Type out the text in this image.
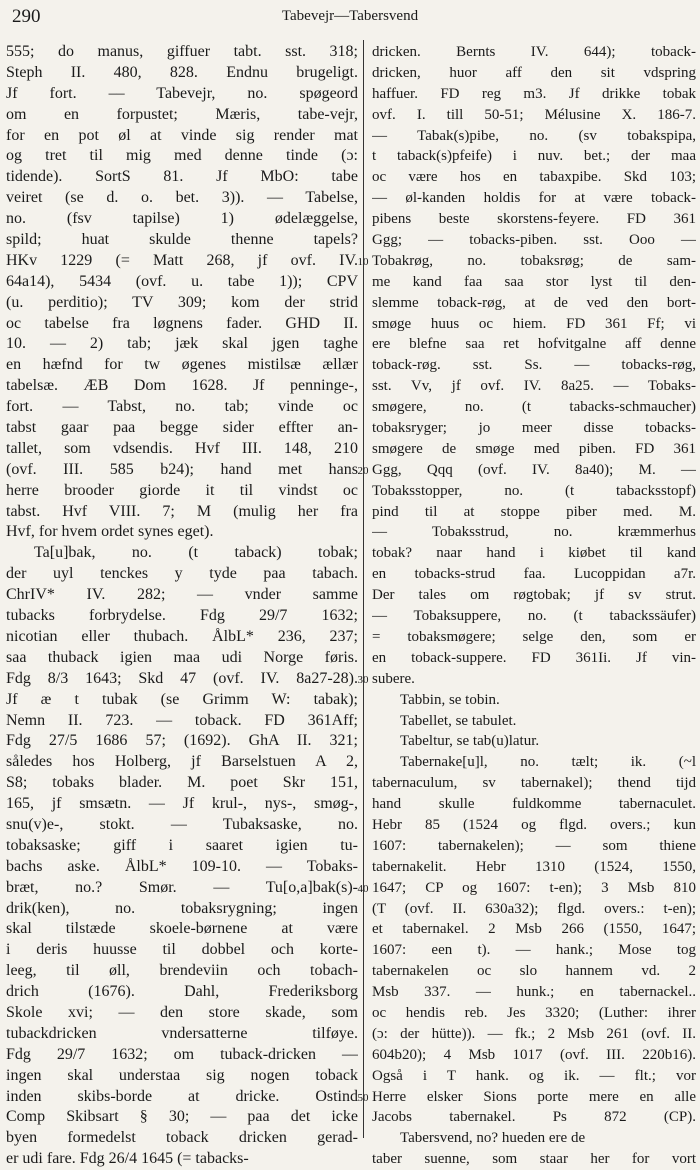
290	Tabevejr—Tabersvend
555; do manus, giffuer tabt. sst. 318;
Steph II. 480, 828. Endnu brugeligt.
Jf fort. –– Tabevejr, no. spøgeord
om en forpustet; Mæris, tabe-vejr,
for en pot øl at vinde sig render mat
og tret til mig med denne tinde (ɔ:
tidende). SortS 81. Jf MbO: tabe
veiret (se d. o. bet. 3)). — Tabelse,
no. (fsv tapilse) 1) ødelæggelse,
spild; huat skulde thenne tapels?
HKv 1229 (= Matt 268, jf ovf. IV.
64a14), 5434 (ovf. u. tabe 1)); CPV
(u. perditio); TV 309; kom der strid
oc tabelse fra løgnens fader. GHD II.
10. — 2) tab; jæk skal jgen taghe
en hæfnd for tw øgenes mistilsæ ællær
tabelsæ. ÆB Dom 1628. Jf penninge-,
fort. — Tabst, no. tab; vinde oc
tabst gaar paa begge sider effter an-
tallet, som vdsendis. Hvf III. 148, 210
(ovf. III. 585 b24); hand met hans
herre brooder giorde it til vindst oc
tabst. Hvf VIII. 7; M (mulig her fra
Hvf, for hvem ordet synes eget).
Ta[u]bak, no. (t taback) tobak;
der uyl tenckes y tyde paa tabach.
ChrIV* IV. 282; — vnder samme
tubacks forbrydelse. Fdg 29/7 1632;
nicotian eller thubach. ÅlbL* 236, 237;
saa thuback igien maa udi Norge føris.
Fdg 8/3 1643; Skd 47 (ovf. IV. 8a27-28).
Jf æ t tubak (se Grimm W: tabak);
Nemn II. 723. — toback. FD 361Aff;
Fdg 27/5 1686 57; (1692). GhA II. 321;
således hos Holberg, jf Barselstuen A 2,
S8; tobaks blader. M. poet Skr 151,
165, jf smsætn. — Jf krul-, nys-, smøg-,
snu(v)e-, stokt. — Tubaksaske, no.
tobaksaske; giff i saaret igien tu-
bachs aske. ÅlbL* 109-10. — Tobaks-
bræt, no.? Smør. — Tu[o,a]bak(s)-
drik(ken), no. tobaksrygning; ingen
skal tilstæde skoele-børnene at være
i deris huusse til dobbel och korte-
leeg, til øll, brendeviin och tobach-
drich (1676). Dahl, Frederiksborg
Skole xvi; — den store skade, som
tubackdricken vndersatterne tilføye.
Fdg 29/7 1632; om tuback-dricken ––
ingen skal understaa sig nogen toback
inden skibs-borde at dricke. Ostind
Comp Skibsart § 30; — paa det icke
byen formedelst toback dricken gerad-
er udi fare. Fdg 26/4 1645 (= tabacks-
dricken. Bernts IV. 644); toback-
dricken, huor aff den sit vdspring
haffuer. FD reg m3. Jf drikke tobak
ovf. I. till 50-51; Mélusine X. 186-7.
— Tabak(s)pibe, no. (sv tobakspipa,
t taback(s)pfeife) i nuv. bet.; der maa
oc være hos en tabaxpibe. Skd 103;
— øl-kanden holdis for at være toback-
pibens beste skorstens-feyere. FD 361
Ggg; — tobacks-piben. sst. Ooo —
Tobakrøg, no. tobaksrøg; de sam-
me kand faa saa stor lyst til den-
slemme toback-røg, at de ved den bort-
smøge huus oc hiem. FD 361 Ff; vi
ere blefne saa ret hofvitgalne aff denne
toback-røg. sst. Ss. — tobacks-røg,
sst. Vv, jf ovf. IV. 8a25. — Tobaks-
smøgere, no. (t tabacks-schmaucher)
tobaksryger; jo meer disse tobacks-
smøgere de smøge med piben. FD 361
Ggg, Qqq (ovf. IV. 8a40); M. —
Tobaksstopper, no. (t tabacksstopf)
pind til at stoppe piber med. M.
— Tobaksstrud, no. kræmmerhus
tobak? naar hand i kiøbet til kand
en tobacks-strud faa. Lucoppidan a7r.
Der tales om røgtobak; jf sv strut.
— Tobaksuppere, no. (t tabackssäufer)
= tobaksmøgere; selge den, som er
en toback-suppere. FD 361Ii. Jf vin-
subere.
Tabbin, se tobin.
Tabellet, se tabulet.
Tabeltur, se tab(u)latur.
Tabernake[u]l, no. tælt; ik. (~l
tabernaculum, sv tabernakel); thend tijd
hand skulle fuldkomme tabernaculet.
Hebr 85 (1524 og flgd. overs.; kun
1607: tabernakelen); — som thiene
tabernakelit. Hebr 1310 (1524, 1550,
1647; CP og 1607: t-en); 3 Msb 810
(T (ovf. II. 630a32); flgd. overs.: t-en);
et tabernakel. 2 Msb 266 (1550, 1647;
1607: een t). — hank.; Mose tog
tabernakelen oc slo hannem vd. 2
Msb 337. — hunk.; en tabernackel..
oc hendis reb. Jes 3320; (Luther: ihrer
(ɔ: der hütte)). — fk.; 2 Msb 261 (ovf. II.
604b20); 4 Msb 1017 (ovf. III. 220b16).
Også i T hank. og ik. — flt.; vor
Herre elsker Sions porte mere en alle
Jacobs tabernakel. Ps 872 (CP).
Tabersvend, no? hueden ere de
taber suenne, som staar her for vort
10
20
30
40
50
